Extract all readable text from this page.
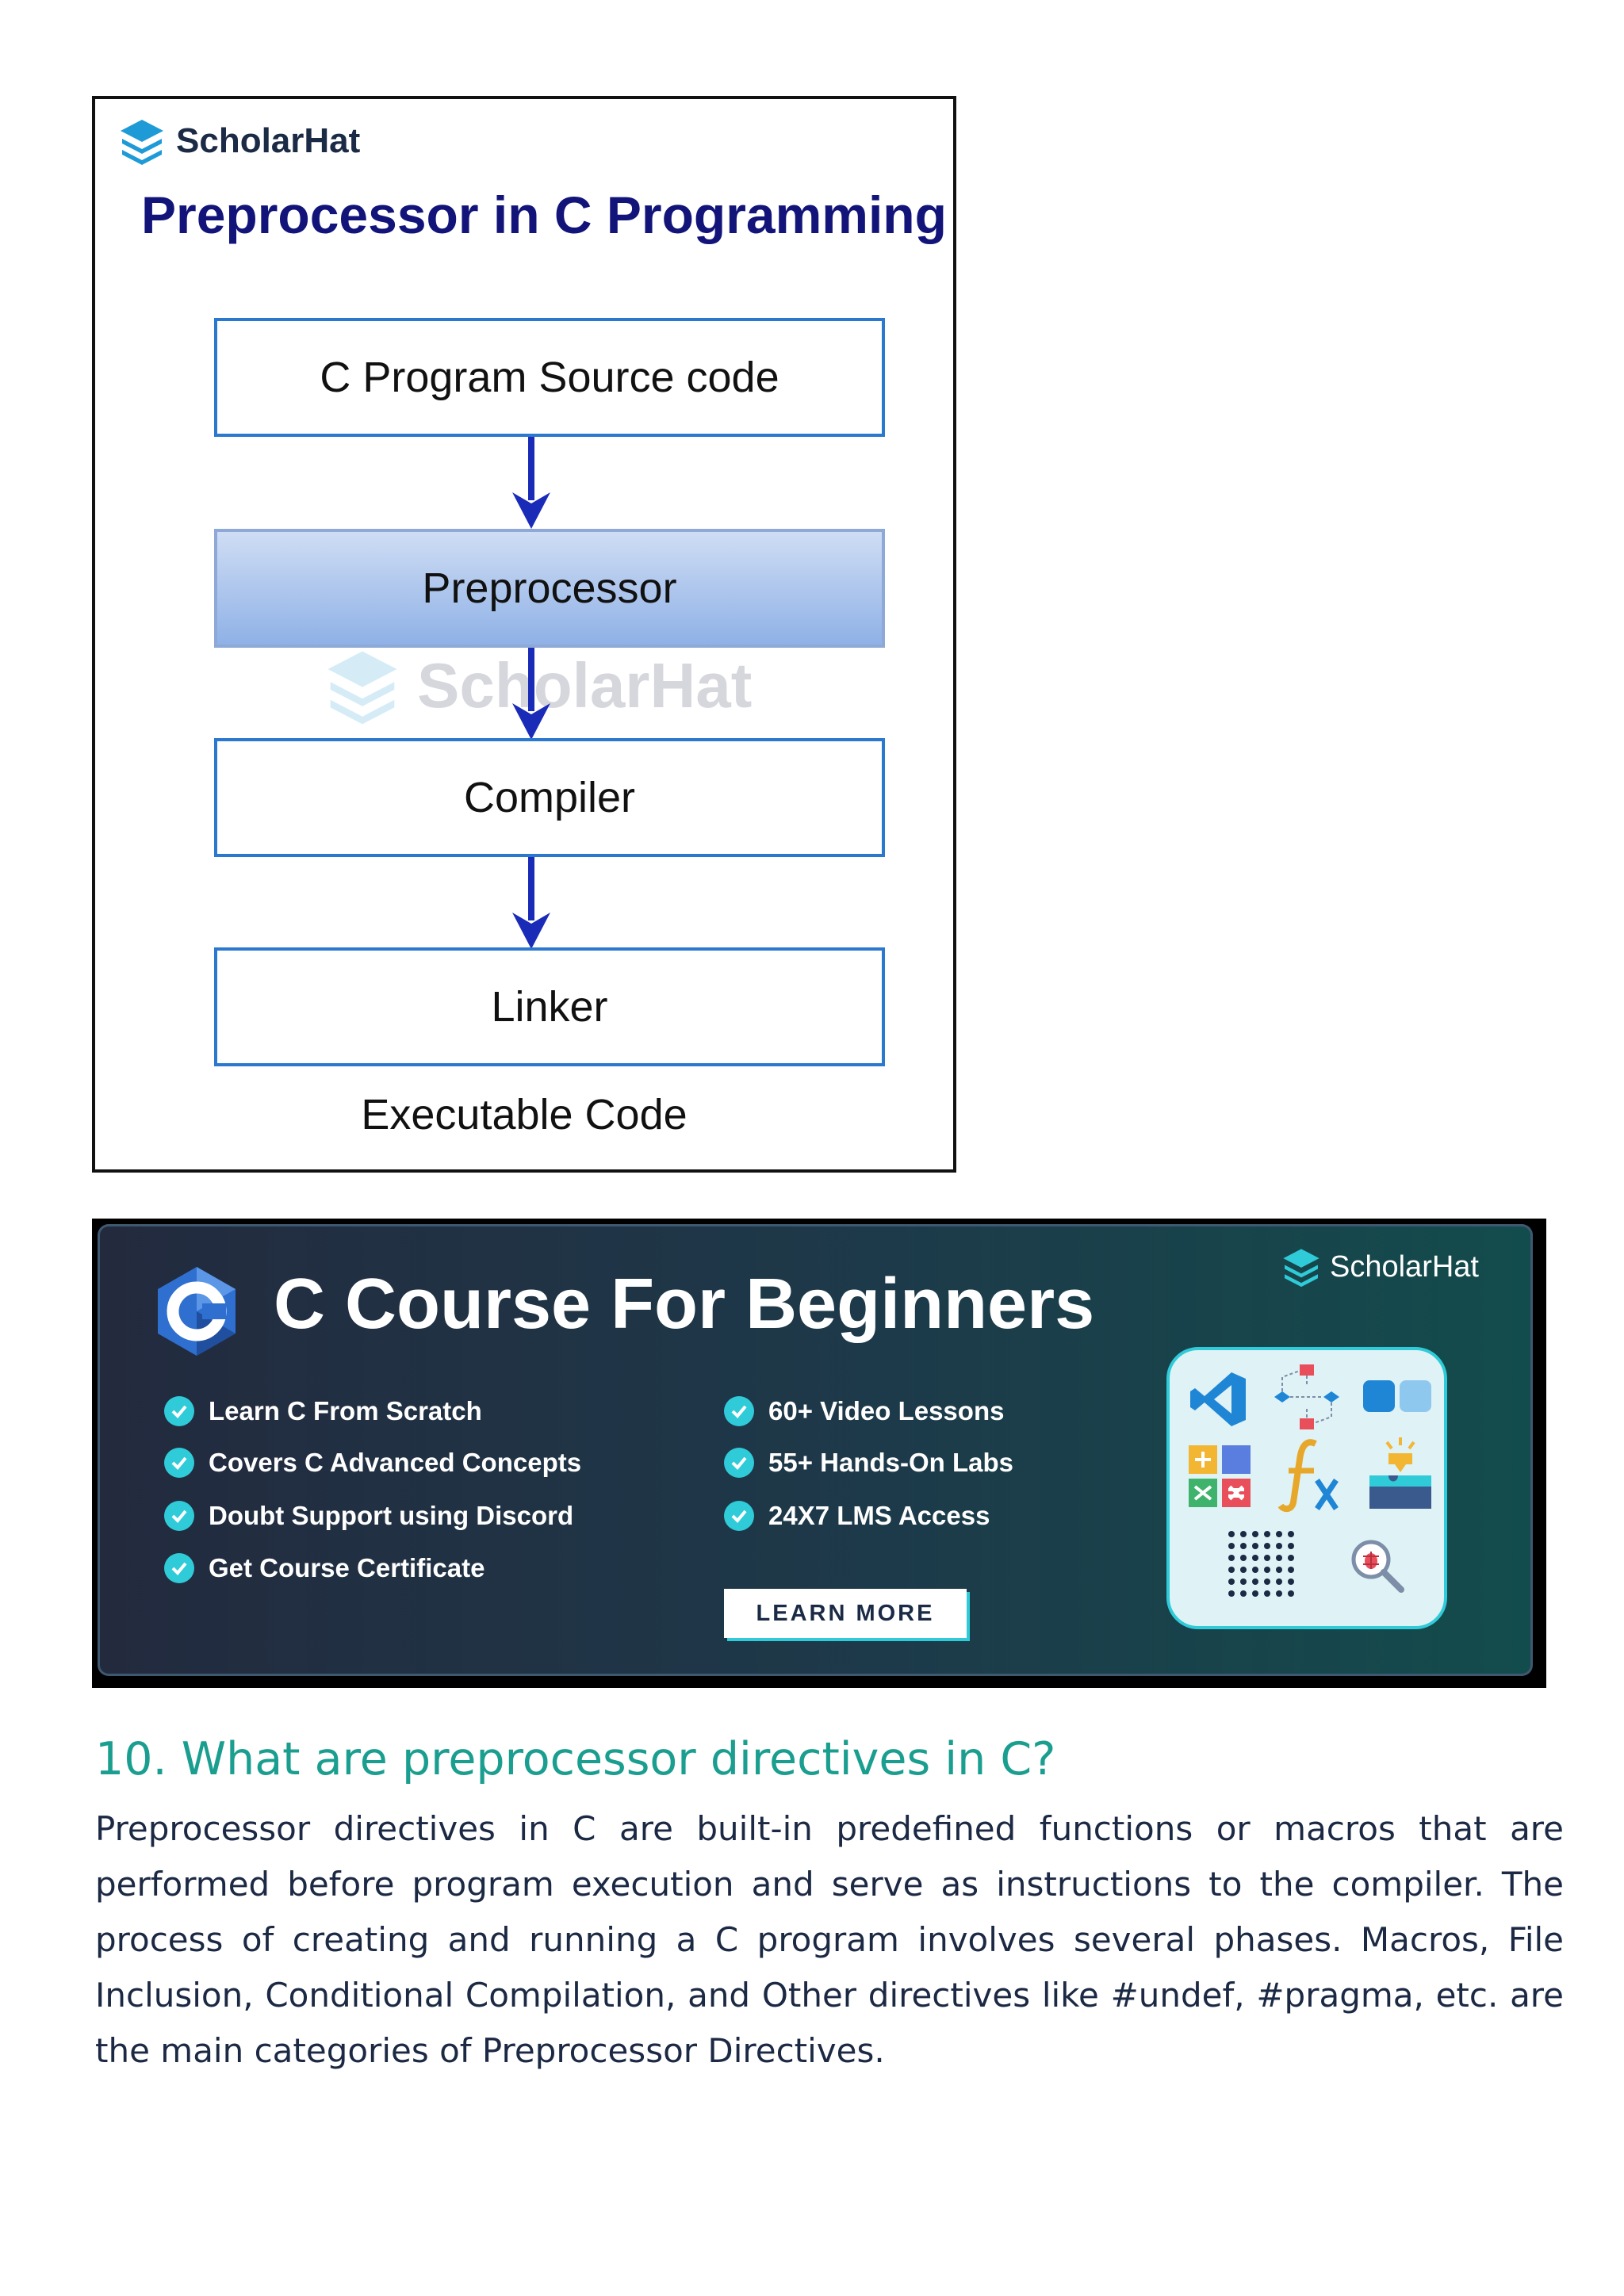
ScholarHat
Preprocessor in C Programming
C Program Source code
Preprocessor
ScholarHat
Compiler
Linker
Executable Code
C Course For Beginners	ScholarHat
Learn C From Scratch
Covers C Advanced Concepts
Doubt Support using Discord
Get Course Certificate
60+ Video Lessons
55+ Hands-On Labs
24X7 LMS Access
LEARN MORE
10. What are preprocessor directives in C?

Preprocessor directives in C are built-in predefined functions or macros that are performed before program execution and serve as instructions to the compiler. The process of creating and running a C program involves several phases. Macros, File Inclusion, Conditional Compilation, and Other directives like #undef, #pragma, etc. are the main categories of Preprocessor Directives.
